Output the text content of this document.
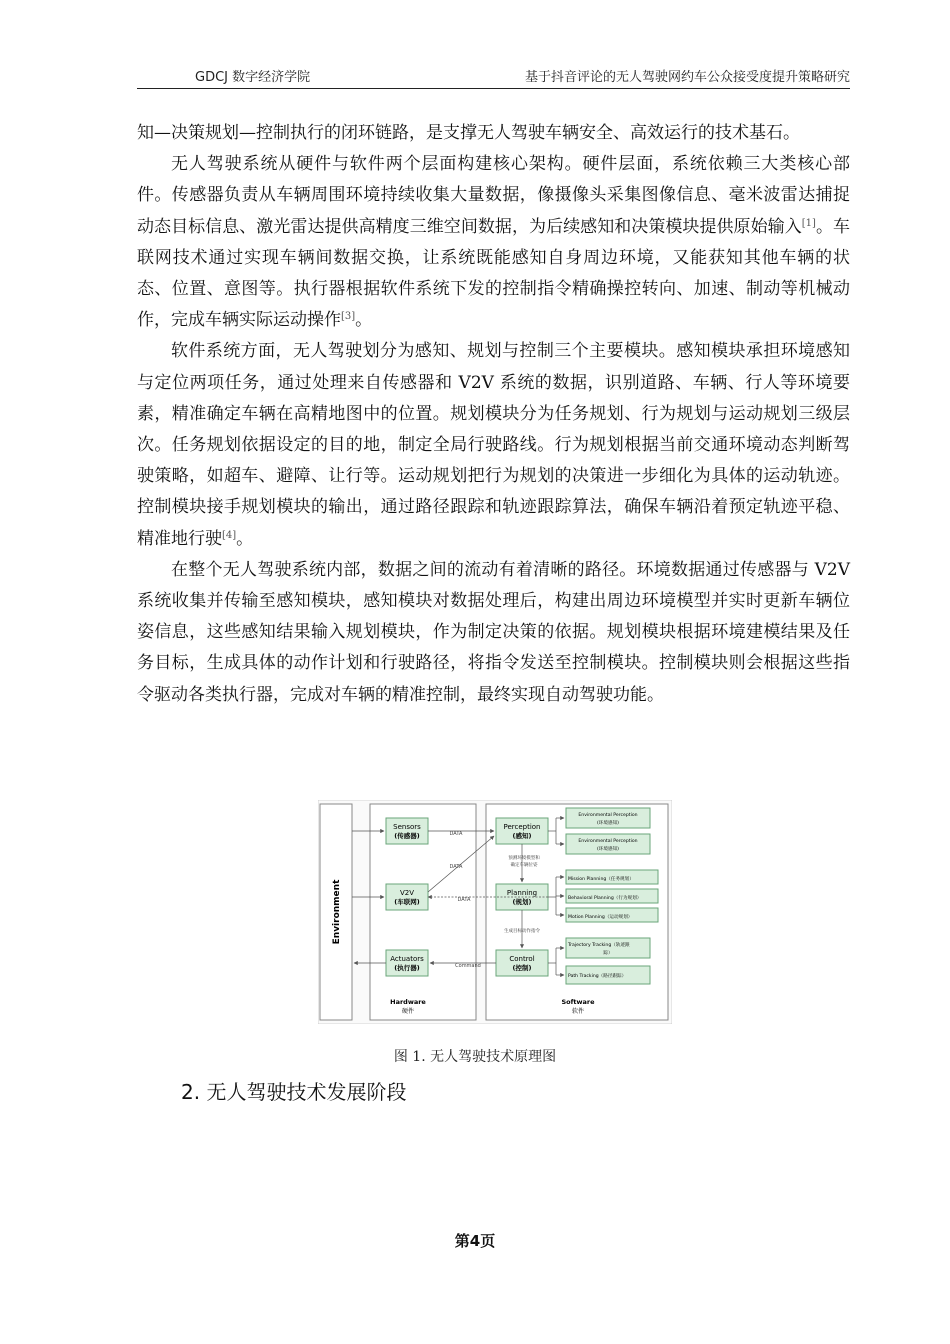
GDCJ 数字经济学院	基于抖音评论的无人驾驶网约车公众接受度提升策略研究

知—决策规划—控制执行的闭环链路，是支撑无人驾驶车辆安全、高效运行的技术基石。

无人驾驶系统从硬件与软件两个层面构建核心架构。硬件层面，系统依赖三大类核心部件。传感器负责从车辆周围环境持续收集大量数据，像摄像头采集图像信息、毫米波雷达捕捉动态目标信息、激光雷达提供高精度三维空间数据，为后续感知和决策模块提供原始输入[1]。车联网技术通过实现车辆间数据交换，让系统既能感知自身周边环境，又能获知其他车辆的状态、位置、意图等。执行器根据软件系统下发的控制指令精确操控转向、加速、制动等机械动作，完成车辆实际运动操作[3]。

软件系统方面，无人驾驶划分为感知、规划与控制三个主要模块。感知模块承担环境感知与定位两项任务，通过处理来自传感器和 V2V 系统的数据，识别道路、车辆、行人等环境要素，精准确定车辆在高精地图中的位置。规划模块分为任务规划、行为规划与运动规划三级层次。任务规划依据设定的目的地，制定全局行驶路线。行为规划根据当前交通环境动态判断驾驶策略，如超车、避障、让行等。运动规划把行为规划的决策进一步细化为具体的运动轨迹。控制模块接手规划模块的输出，通过路径跟踪和轨迹跟踪算法，确保车辆沿着预定轨迹平稳、精准地行驶[4]。

在整个无人驾驶系统内部，数据之间的流动有着清晰的路径。环境数据通过传感器与 V2V 系统收集并传输至感知模块，感知模块对数据处理后，构建出周边环境模型并实时更新车辆位姿信息，这些感知结果输入规划模块，作为制定决策的依据。规划模块根据环境建模结果及任务目标，生成具体的动作计划和行驶路径，将指令发送至控制模块。控制模块则会根据这些指令驱动各类执行器，完成对车辆的精准控制，最终实现自动驾驶功能。

Environment
Hardware
硬件
Software
软件
Sensors
(传感器)
V2V
(车联网)
Actuators
(执行器)
Perception
(感知)
Planning
(规划)
Control
(控制)
Environmental Perception
(环境感知)
Environmental Perception
(环境感知)
Mission Planning（任务规划）
Behavioral Planning（行为规划）
Motion Planning（运动规划）
Trajectory Tracking（轨迹跟
踪）
Path Tracking（路径跟踪）
DATA
DATA
DATA
Command
预测环境模型和
确定车辆位姿
生成目标动作指令
图 1. 无人驾驶技术原理图
2. 无人驾驶技术发展阶段
第4页
